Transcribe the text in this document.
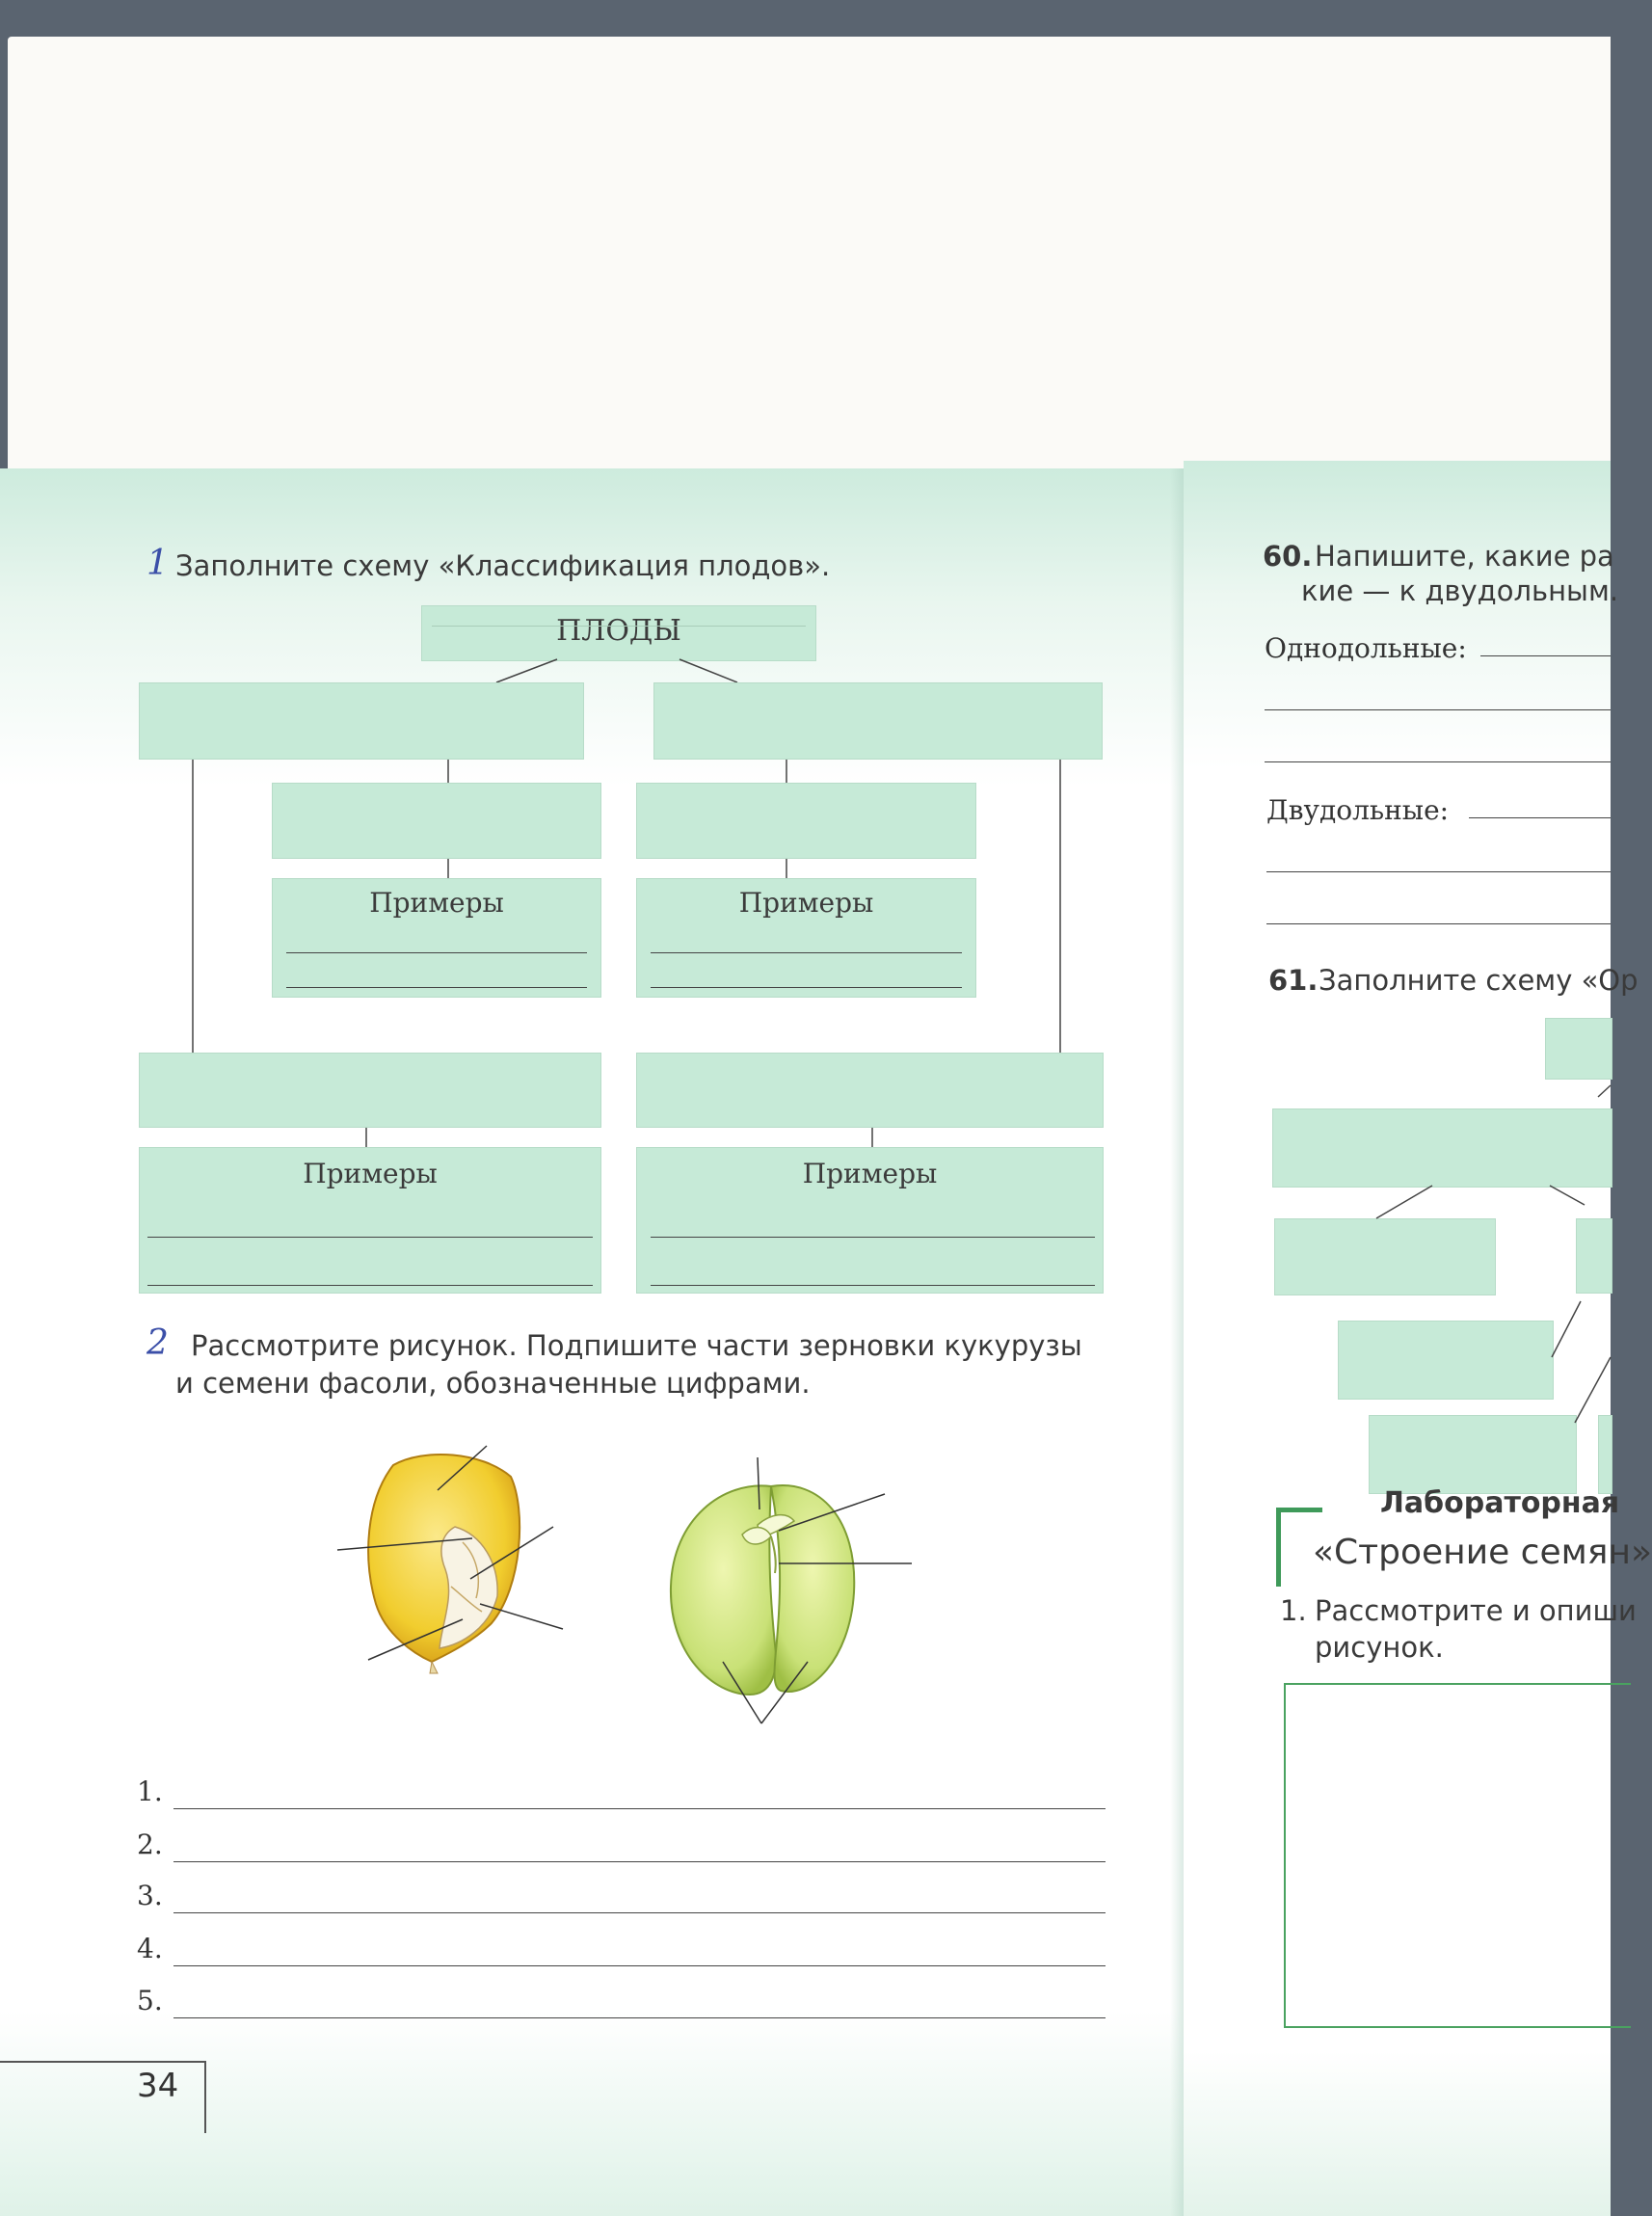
1 Заполните схему «Классификация плодов».
ПЛОДЫ
Примеры	Примеры
Примеры	Примеры
2 Рассмотрите рисунок. Подпишите части зерновки кукурузы
и семени фасоли, обозначенные цифрами.
1.
2.
3.
4.
5.
34
60. Напишите, какие ра
кие — к двудольным.
Однодольные:
Двудольные:
61. Заполните схему «Ор
Лабораторная
«Строение семян»
1. Рассмотрите и опиши
рисунок.
